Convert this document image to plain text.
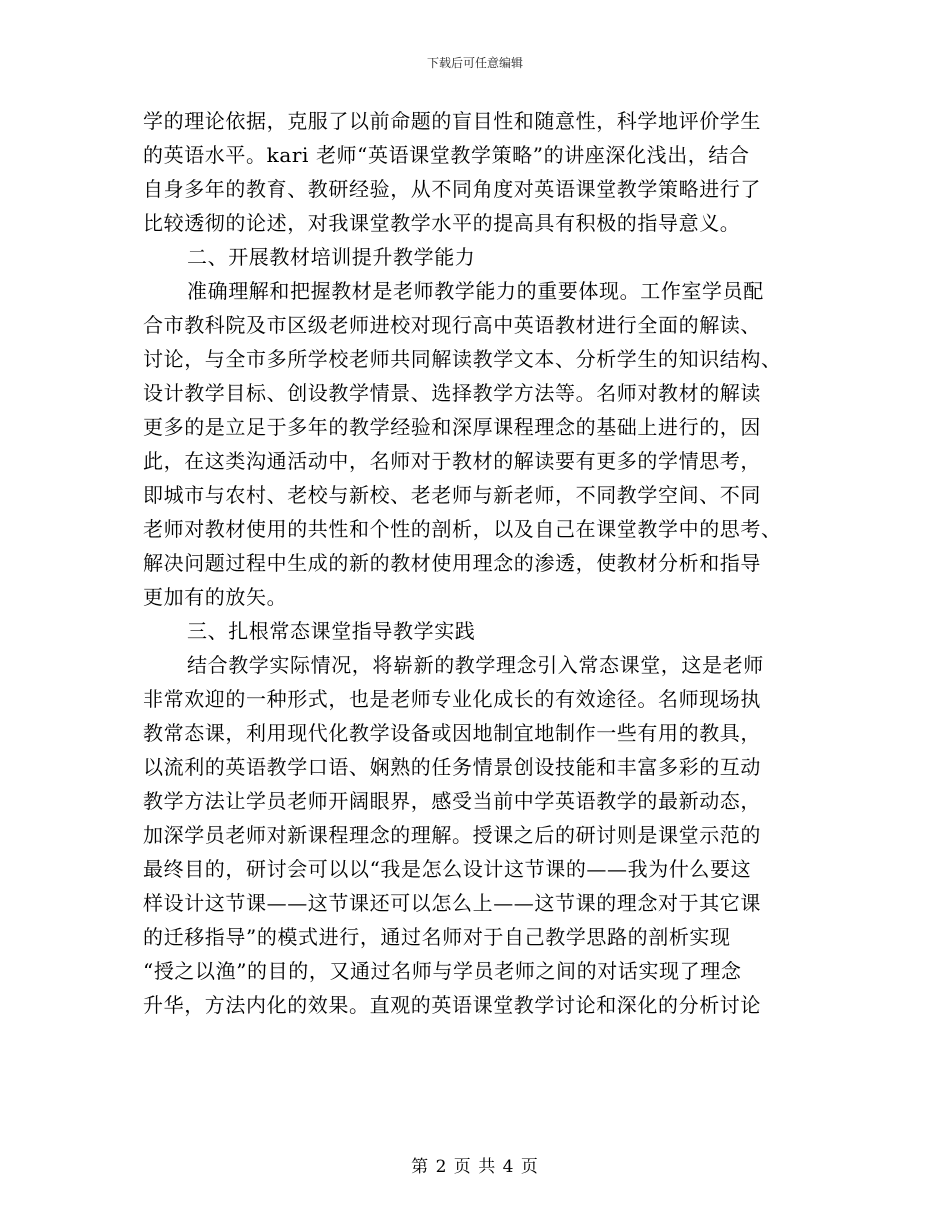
下载后可任意编辑
学的理论依据，克服了以前命题的盲目性和随意性，科学地评价学生
的英语水平。kari 老师“英语课堂教学策略”的讲座深化浅出，结合
自身多年的教育、教研经验，从不同角度对英语课堂教学策略进行了
比较透彻的论述，对我课堂教学水平的提高具有积极的指导意义。
二、开展教材培训提升教学能力
准确理解和把握教材是老师教学能力的重要体现。工作室学员配
合市教科院及市区级老师进校对现行高中英语教材进行全面的解读、
讨论，与全市多所学校老师共同解读教学文本、分析学生的知识结构、
设计教学目标、创设教学情景、选择教学方法等。名师对教材的解读
更多的是立足于多年的教学经验和深厚课程理念的基础上进行的，因
此，在这类沟通活动中，名师对于教材的解读要有更多的学情思考，
即城市与农村、老校与新校、老老师与新老师，不同教学空间、不同
老师对教材使用的共性和个性的剖析，以及自己在课堂教学中的思考、
解决问题过程中生成的新的教材使用理念的渗透，使教材分析和指导
更加有的放矢。
三、扎根常态课堂指导教学实践
结合教学实际情况，将崭新的教学理念引入常态课堂，这是老师
非常欢迎的一种形式，也是老师专业化成长的有效途径。名师现场执
教常态课，利用现代化教学设备或因地制宜地制作一些有用的教具，
以流利的英语教学口语、娴熟的任务情景创设技能和丰富多彩的互动
教学方法让学员老师开阔眼界，感受当前中学英语教学的最新动态，
加深学员老师对新课程理念的理解。授课之后的研讨则是课堂示范的
最终目的，研讨会可以以“我是怎么设计这节课的——我为什么要这
样设计这节课——这节课还可以怎么上——这节课的理念对于其它课
的迁移指导”的模式进行，通过名师对于自己教学思路的剖析实现
“授之以渔”的目的，又通过名师与学员老师之间的对话实现了理念
升华，方法内化的效果。直观的英语课堂教学讨论和深化的分析讨论
第 2 页 共 4 页
